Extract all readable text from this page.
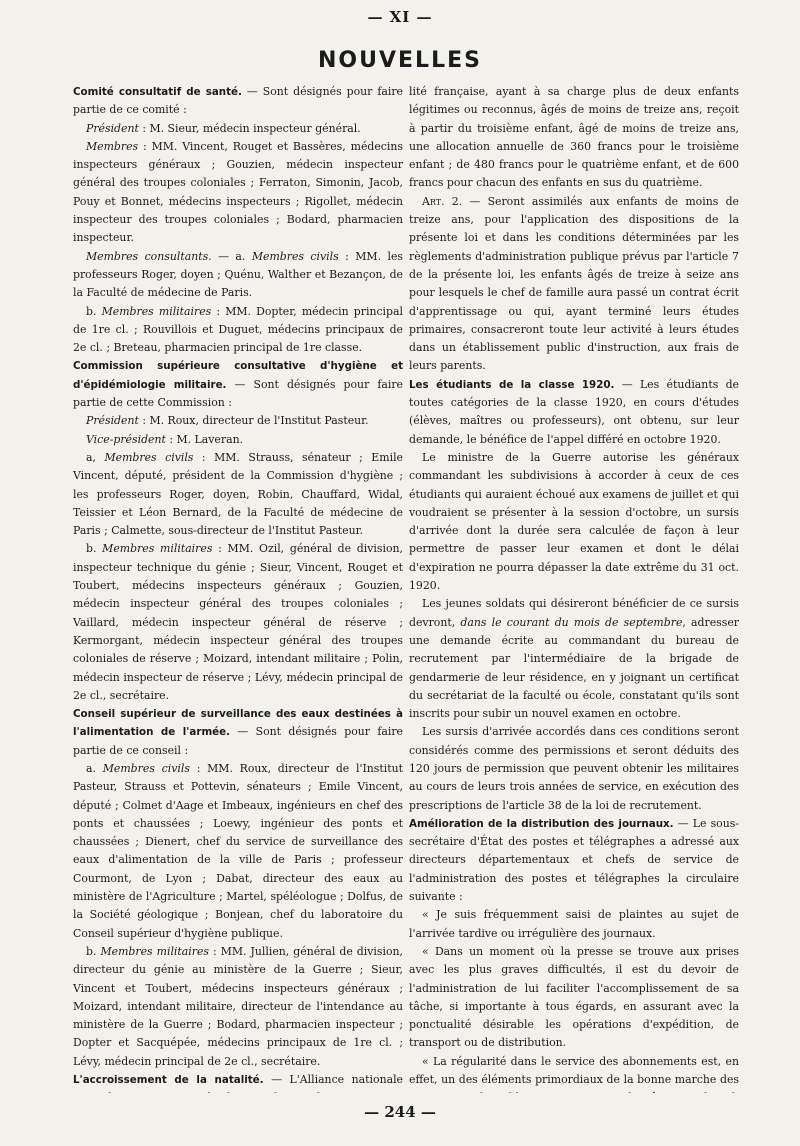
— XI —
NOUVELLES

Comité consultatif de santé. — Sont désignés pour faire partie de ce comité :

Président : M. Sieur, médecin inspecteur général.

Membres : MM. Vincent, Rouget et Bassères, médecins inspecteurs généraux ; Gouzien, médecin inspecteur général des troupes coloniales ; Ferraton, Simonin, Jacob, Pouy et Bonnet, médecins inspecteurs ; Rigollet, médecin inspecteur des troupes coloniales ; Bodard, pharmacien inspecteur.

Membres consultants. — a. Membres civils : MM. les professeurs Roger, doyen ; Quénu, Walther et Bezançon, de la Faculté de médecine de Paris.

b. Membres militaires : MM. Dopter, médecin principal de 1re cl. ; Rouvillois et Duguet, médecins principaux de 2e cl. ; Breteau, pharmacien principal de 1re classe.

Commission supérieure consultative d'hygiène et d'épidémiologie militaire. — Sont désignés pour faire partie de cette Commission :

Président : M. Roux, directeur de l'Institut Pasteur.

Vice-président : M. Laveran.

a, Membres civils : MM. Strauss, sénateur ; Emile Vincent, député, président de la Commission d'hygiène ; les professeurs Roger, doyen, Robin, Chauffard, Widal, Teissier et Léon Bernard, de la Faculté de médecine de Paris ; Calmette, sous-directeur de l'Institut Pasteur.

b. Membres militaires : MM. Ozil, général de division, inspecteur technique du génie ; Sieur, Vincent, Rouget et Toubert, médecins inspecteurs généraux ; Gouzien, médecin inspecteur général des troupes coloniales ; Vaillard, médecin inspecteur général de réserve ; Kermorgant, médecin inspecteur général des troupes coloniales de réserve ; Moizard, intendant militaire ; Polin, médecin inspecteur de réserve ; Lévy, médecin principal de 2e cl., secrétaire.

Conseil supérieur de surveillance des eaux destinées à l'alimentation de l'armée. — Sont désignés pour faire partie de ce conseil :

a. Membres civils : MM. Roux, directeur de l'Institut Pasteur, Strauss et Pottevin, sénateurs ; Emile Vincent, député ; Colmet d'Aage et Imbeaux, ingénieurs en chef des ponts et chaussées ; Loewy, ingénieur des ponts et chaussées ; Dienert, chef du service de surveillance des eaux d'alimentation de la ville de Paris ; professeur Courmont, de Lyon ; Dabat, directeur des eaux au ministère de l'Agriculture ; Martel, spéléologue ; Dolfus, de la Société géologique ; Bonjean, chef du laboratoire du Conseil supérieur d'hygiène publique.

b. Membres militaires : MM. Jullien, général de division, directeur du génie au ministère de la Guerre ; Sieur, Vincent et Toubert, médecins inspecteurs généraux ; Moizard, intendant militaire, directeur de l'intendance au ministère de la Guerre ; Bodard, pharmacien inspecteur ; Dopter et Sacquépée, médecins principaux de 1re cl. ; Lévy, médecin principal de 2e cl., secrétaire.

L'accroissement de la natalité. — L'Alliance nationale

lité française, ayant à sa charge plus de deux enfants légitimes ou reconnus, âgés de moins de treize ans, reçoit à partir du troisième enfant, âgé de moins de treize ans, une allocation annuelle de 360 francs pour le troisième enfant ; de 480 francs pour le quatrième enfant, et de 600 francs pour chacun des enfants en sus du quatrième.

Art. 2. — Seront assimilés aux enfants de moins de treize ans, pour l'application des dispositions de la présente loi et dans les conditions déterminées par les règlements d'administration publique prévus par l'article 7 de la présente loi, les enfants âgés de treize à seize ans pour lesquels le chef de famille aura passé un contrat écrit d'apprentissage ou qui, ayant terminé leurs études primaires, consacreront toute leur activité à leurs études dans un établissement public d'instruction, aux frais de leurs parents.

Les étudiants de la classe 1920. — Les étudiants de toutes catégories de la classe 1920, en cours d'études (élèves, maîtres ou professeurs), ont obtenu, sur leur demande, le bénéfice de l'appel différé en octobre 1920.

Le ministre de la Guerre autorise les généraux commandant les subdivisions à accorder à ceux de ces étudiants qui auraient échoué aux examens de juillet et qui voudraient se présenter à la session d'octobre, un sursis d'arrivée dont la durée sera calculée de façon à leur permettre de passer leur examen et dont le délai d'expiration ne pourra dépasser la date extrême du 31 oct. 1920.

Les jeunes soldats qui désireront bénéficier de ce sursis devront, dans le courant du mois de septembre, adresser une demande écrite au commandant du bureau de recrutement par l'intermédiaire de la brigade de gendarmerie de leur résidence, en y joignant un certificat du secrétariat de la faculté ou école, constatant qu'ils sont inscrits pour subir un nouvel examen en octobre.

Les sursis d'arrivée accordés dans ces conditions seront considérés comme des permissions et seront déduits des 120 jours de permission que peuvent obtenir les militaires au cours de leurs trois années de service, en exécution des prescriptions de l'article 38 de la loi de recrutement.

Amélioration de la distribution des journaux. — Le sous-secrétaire d'État des postes et télégraphes a adressé aux directeurs départementaux et chefs de service de l'administration des postes et télégraphes la circulaire suivante :

« Je suis fréquemment saisi de plaintes au sujet de l'arrivée tardive ou irrégulière des journaux.

« Dans un moment où la presse se trouve aux prises avec les plus graves difficultés, il est du devoir de l'administration de lui faciliter l'accomplissement de sa tâche, si importante à tous égards, en assurant avec la ponctualité désirable les opérations d'expédition, de transport ou de distribution.

« La régularité dans le service des abonnements est, en effet, un des éléments primordiaux de la bonne marche des

— 244 —
